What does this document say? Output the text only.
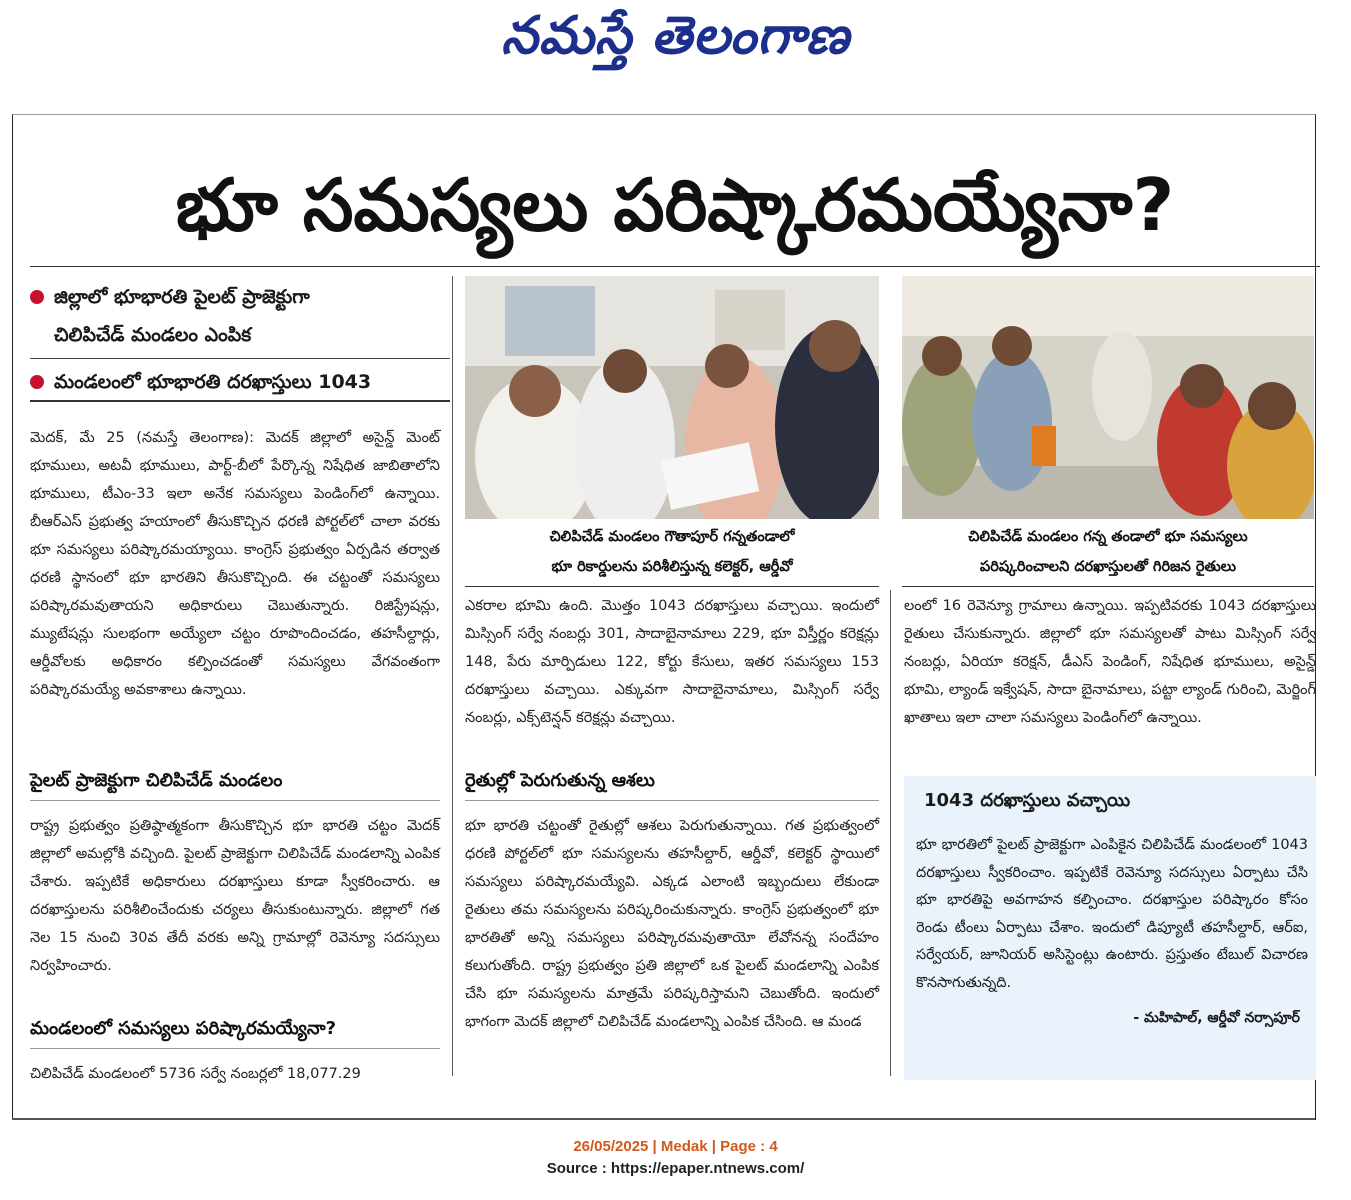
నమస్తే తెలంగాణ
భూ సమస్యలు పరిష్కారమయ్యేనా?
జిల్లాలో భూభారతి పైలట్ ప్రాజెక్టుగా
చిలిపిచేడ్ మండలం ఎంపిక
మండలంలో భూభారతి దరఖాస్తులు 1043
మెదక్, మే 25 (నమస్తే తెలంగాణ): మెదక్ జిల్లాలో అసైన్డ్ మెంట్ భూములు, అటవీ భూములు, పార్ట్-బీలో పేర్కొన్న నిషేధిత జాబితాలోని భూములు, టీఎం-33 ఇలా అనేక సమస్యలు పెండింగ్‌లో ఉన్నాయి. బీఆర్‌ఎస్ ప్రభుత్వ హయాంలో తీసుకొచ్చిన ధరణి పోర్టల్‌లో చాలా వరకు భూ సమస్యలు పరిష్కారమయ్యాయి. కాంగ్రెస్ ప్రభుత్వం ఏర్పడిన తర్వాత ధరణి స్థానంలో భూ భారతిని తీసుకొచ్చింది. ఈ చట్టంతో సమస్యలు పరిష్కారమవుతాయని అధికారులు చెబుతున్నారు. రిజిస్ట్రేషన్లు, మ్యుటేషన్లు సులభంగా అయ్యేలా చట్టం రూపొందించడం, తహసీల్దార్లు, ఆర్డీవోలకు అధికారం కల్పించడంతో సమస్యలు వేగవంతంగా పరిష్కారమయ్యే అవకాశాలు ఉన్నాయి.
పైలట్ ప్రాజెక్టుగా చిలిపిచేడ్ మండలం
రాష్ట్ర ప్రభుత్వం ప్రతిష్ఠాత్మకంగా తీసుకొచ్చిన భూ భారతి చట్టం మెదక్ జిల్లాలో అమల్లోకి వచ్చింది. పైలట్ ప్రాజెక్టుగా చిలిపిచేడ్ మండలాన్ని ఎంపిక చేశారు. ఇప్పటికే అధికారులు దరఖాస్తులు కూడా స్వీకరించారు. ఆ దరఖాస్తులను పరిశీలించేందుకు చర్యలు తీసుకుంటున్నారు. జిల్లాలో గత నెల 15 నుంచి 30వ తేదీ వరకు అన్ని గ్రామాల్లో రెవెన్యూ సదస్సులు నిర్వహించారు.
మండలంలో సమస్యలు పరిష్కారమయ్యేనా?
చిలిపిచేడ్ మండలంలో 5736 సర్వే నంబర్లలో 18,077.29
చిలిపిచేడ్ మండలం గౌతాపూర్ గన్నతండాలో
భూ రికార్డులను పరిశీలిస్తున్న కలెక్టర్, ఆర్డీవో
చిలిపిచేడ్ మండలం గన్న తండాలో భూ సమస్యలు
పరిష్కరించాలని దరఖాస్తులతో గిరిజన రైతులు
ఎకరాల భూమి ఉంది. మొత్తం 1043 దరఖాస్తులు వచ్చాయి. ఇందులో మిస్సింగ్ సర్వే నంబర్లు 301, సాదాబైనామాలు 229, భూ విస్తీర్ణం కరెక్షన్లు 148, పేరు మార్పిడులు 122, కోర్టు కేసులు, ఇతర సమస్యలు 153 దరఖాస్తులు వచ్చాయి. ఎక్కువగా సాదాబైనామాలు, మిస్సింగ్ సర్వే నంబర్లు, ఎక్స్‌టెన్షన్ కరెక్షన్లు వచ్చాయి.
రైతుల్లో పెరుగుతున్న ఆశలు
భూ భారతి చట్టంతో రైతుల్లో ఆశలు పెరుగుతున్నాయి. గత ప్రభుత్వంలో ధరణి పోర్టల్‌లో భూ సమస్యలను తహసీల్దార్, ఆర్డీవో, కలెక్టర్ స్థాయిలో సమస్యలు పరిష్కారమయ్యేవి. ఎక్కడ ఎలాంటి ఇబ్బందులు లేకుండా రైతులు తమ సమస్యలను పరిష్కరించుకున్నారు. కాంగ్రెస్ ప్రభుత్వంలో భూ భారతితో అన్ని సమస్యలు పరిష్కారమవుతాయో లేవోనన్న సందేహం కలుగుతోంది. రాష్ట్ర ప్రభుత్వం ప్రతి జిల్లాలో ఒక పైలట్ మండలాన్ని ఎంపిక చేసి భూ సమస్యలను మాత్రమే పరిష్కరిస్తామని చెబుతోంది. ఇందులో భాగంగా మెదక్ జిల్లాలో చిలిపిచేడ్ మండలాన్ని ఎంపిక చేసింది. ఆ మండ
లంలో 16 రెవెన్యూ గ్రామాలు ఉన్నాయి. ఇప్పటివరకు 1043 దరఖాస్తులు రైతులు చేసుకున్నారు. జిల్లాలో భూ సమస్యలతో పాటు మిస్సింగ్ సర్వే నంబర్లు, ఏరియా కరెక్షన్, డీఎస్ పెండింగ్, నిషేధిత భూములు, అసైన్డ్ భూమి, ల్యాండ్ ఇక్వేషన్, సాదా బైనామాలు, పట్టా ల్యాండ్ గురించి, మెర్జింగ్ ఖాతాలు ఇలా చాలా సమస్యలు పెండింగ్‌లో ఉన్నాయి.
1043 దరఖాస్తులు వచ్చాయి
భూ భారతిలో పైలట్ ప్రాజెక్టుగా ఎంపికైన చిలిపిచేడ్ మండలంలో 1043 దరఖాస్తులు స్వీకరించాం. ఇప్పటికే రెవెన్యూ సదస్సులు ఏర్పాటు చేసి భూ భారతిపై అవగాహన కల్పించాం. దరఖాస్తుల పరిష్కారం కోసం రెండు టీంలు ఏర్పాటు చేశాం. ఇందులో డిప్యూటీ తహసీల్దార్, ఆర్ఐ, సర్వేయర్, జూనియర్ అసిస్టెంట్లు ఉంటారు. ప్రస్తుతం టేబుల్ విచారణ కొనసాగుతున్నది.
- మహిపాల్, ఆర్డీవో నర్సాపూర్
26/05/2025 | Medak | Page : 4
Source : https://epaper.ntnews.com/
